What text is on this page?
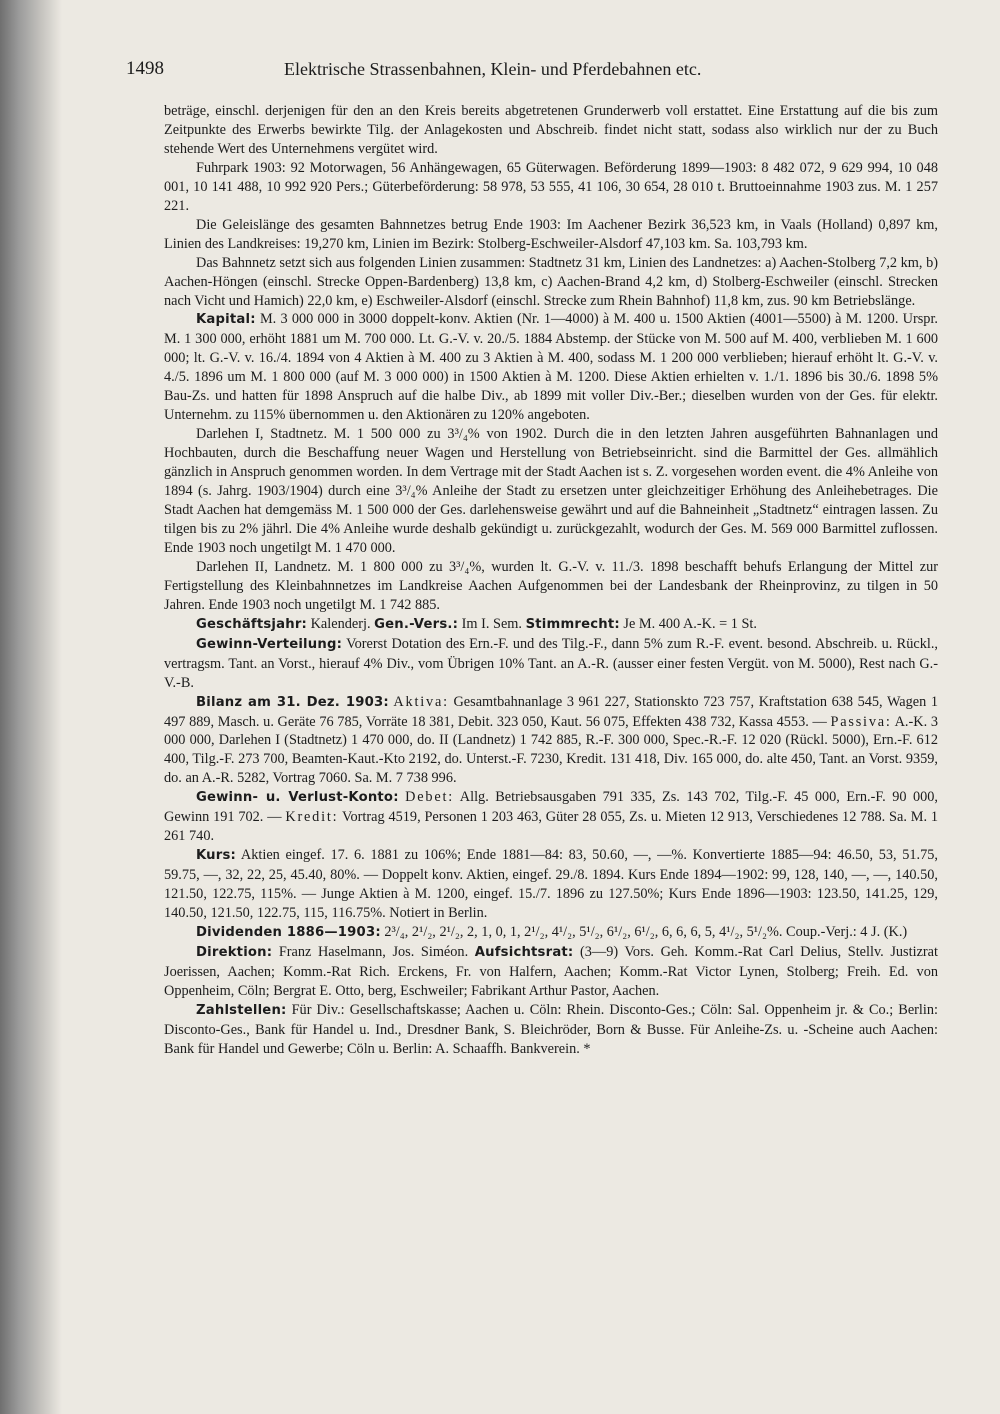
1498	Elektrische Strassenbahnen, Klein- und Pferdebahnen etc.

beträge, einschl. derjenigen für den an den Kreis bereits abgetretenen Grunderwerb voll erstattet. Eine Erstattung auf die bis zum Zeitpunkte des Erwerbs bewirkte Tilg. der Anlagekosten und Abschreib. findet nicht statt, sodass also wirklich nur der zu Buch stehende Wert des Unternehmens vergütet wird.

Fuhrpark 1903: 92 Motorwagen, 56 Anhängewagen, 65 Güterwagen. Beförderung 1899—1903: 8 482 072, 9 629 994, 10 048 001, 10 141 488, 10 992 920 Pers.; Güterbeförderung: 58 978, 53 555, 41 106, 30 654, 28 010 t. Bruttoeinnahme 1903 zus. M. 1 257 221.

Die Geleislänge des gesamten Bahnnetzes betrug Ende 1903: Im Aachener Bezirk 36,523 km, in Vaals (Holland) 0,897 km, Linien des Landkreises: 19,270 km, Linien im Bezirk: Stolberg-Eschweiler-Alsdorf 47,103 km. Sa. 103,793 km.

Das Bahnnetz setzt sich aus folgenden Linien zusammen: Stadtnetz 31 km, Linien des Landnetzes: a) Aachen-Stolberg 7,2 km, b) Aachen-Höngen (einschl. Strecke Oppen-Bardenberg) 13,8 km, c) Aachen-Brand 4,2 km, d) Stolberg-Eschweiler (einschl. Strecken nach Vicht und Hamich) 22,0 km, e) Eschweiler-Alsdorf (einschl. Strecke zum Rhein Bahnhof) 11,8 km, zus. 90 km Betriebslänge.

Kapital: M. 3 000 000 in 3000 doppelt-konv. Aktien (Nr. 1—4000) à M. 400 u. 1500 Aktien (4001—5500) à M. 1200. Urspr. M. 1 300 000, erhöht 1881 um M. 700 000. Lt. G.-V. v. 20./5. 1884 Abstemp. der Stücke von M. 500 auf M. 400, verblieben M. 1 600 000; lt. G.-V. v. 16./4. 1894 von 4 Aktien à M. 400 zu 3 Aktien à M. 400, sodass M. 1 200 000 verblieben; hierauf erhöht lt. G.-V. v. 4./5. 1896 um M. 1 800 000 (auf M. 3 000 000) in 1500 Aktien à M. 1200. Diese Aktien erhielten v. 1./1. 1896 bis 30./6. 1898 5% Bau-Zs. und hatten für 1898 Anspruch auf die halbe Div., ab 1899 mit voller Div.-Ber.; dieselben wurden von der Ges. für elektr. Unternehm. zu 115% übernommen u. den Aktionären zu 120% angeboten.

Darlehen I, Stadtnetz. M. 1 500 000 zu 3³/₄% von 1902. Durch die in den letzten Jahren ausgeführten Bahnanlagen und Hochbauten, durch die Beschaffung neuer Wagen und Herstellung von Betriebseinricht. sind die Barmittel der Ges. allmählich gänzlich in Anspruch genommen worden. In dem Vertrage mit der Stadt Aachen ist s. Z. vorgesehen worden event. die 4% Anleihe von 1894 (s. Jahrg. 1903/1904) durch eine 3³/₄% Anleihe der Stadt zu ersetzen unter gleichzeitiger Erhöhung des Anleihebetrages. Die Stadt Aachen hat demgemäss M. 1 500 000 der Ges. darlehensweise gewährt und auf die Bahneinheit „Stadtnetz“ eintragen lassen. Zu tilgen bis zu 2% jährl. Die 4% Anleihe wurde deshalb gekündigt u. zurückgezahlt, wodurch der Ges. M. 569 000 Barmittel zuflossen. Ende 1903 noch ungetilgt M. 1 470 000.

Darlehen II, Landnetz. M. 1 800 000 zu 3³/₄%, wurden lt. G.-V. v. 11./3. 1898 beschafft behufs Erlangung der Mittel zur Fertigstellung des Kleinbahnnetzes im Landkreise Aachen Aufgenommen bei der Landesbank der Rheinprovinz, zu tilgen in 50 Jahren. Ende 1903 noch ungetilgt M. 1 742 885.

Geschäftsjahr: Kalenderj. Gen.-Vers.: Im I. Sem. Stimmrecht: Je M. 400 A.-K. = 1 St.

Gewinn-Verteilung: Vorerst Dotation des Ern.-F. und des Tilg.-F., dann 5% zum R.-F. event. besond. Abschreib. u. Rückl., vertragsm. Tant. an Vorst., hierauf 4% Div., vom Übrigen 10% Tant. an A.-R. (ausser einer festen Vergüt. von M. 5000), Rest nach G.-V.-B.

Bilanz am 31. Dez. 1903: Aktiva: Gesamtbahnanlage 3 961 227, Stationskto 723 757, Kraftstation 638 545, Wagen 1 497 889, Masch. u. Geräte 76 785, Vorräte 18 381, Debit. 323 050, Kaut. 56 075, Effekten 438 732, Kassa 4553. — Passiva: A.-K. 3 000 000, Darlehen I (Stadtnetz) 1 470 000, do. II (Landnetz) 1 742 885, R.-F. 300 000, Spec.-R.-F. 12 020 (Rückl. 5000), Ern.-F. 612 400, Tilg.-F. 273 700, Beamten-Kaut.-Kto 2192, do. Unterst.-F. 7230, Kredit. 131 418, Div. 165 000, do. alte 450, Tant. an Vorst. 9359, do. an A.-R. 5282, Vortrag 7060. Sa. M. 7 738 996.

Gewinn- u. Verlust-Konto: Debet: Allg. Betriebsausgaben 791 335, Zs. 143 702, Tilg.-F. 45 000, Ern.-F. 90 000, Gewinn 191 702. — Kredit: Vortrag 4519, Personen 1 203 463, Güter 28 055, Zs. u. Mieten 12 913, Verschiedenes 12 788. Sa. M. 1 261 740.

Kurs: Aktien eingef. 17. 6. 1881 zu 106%; Ende 1881—84: 83, 50.60, —, —%. Konvertierte 1885—94: 46.50, 53, 51.75, 59.75, —, 32, 22, 25, 45.40, 80%. — Doppelt konv. Aktien, eingef. 29./8. 1894. Kurs Ende 1894—1902: 99, 128, 140, —, —, 140.50, 121.50, 122.75, 115%. — Junge Aktien à M. 1200, eingef. 15./7. 1896 zu 127.50%; Kurs Ende 1896—1903: 123.50, 141.25, 129, 140.50, 121.50, 122.75, 115, 116.75%. Notiert in Berlin.

Dividenden 1886—1903: 2³/₄, 2¹/₂, 2¹/₂, 2, 1, 0, 1, 2¹/₂, 4¹/₂, 5¹/₂, 6¹/₂, 6¹/₂, 6, 6, 6, 5, 4¹/₂, 5¹/₂%. Coup.-Verj.: 4 J. (K.)

Direktion: Franz Haselmann, Jos. Siméon. Aufsichtsrat: (3—9) Vors. Geh. Komm.-Rat Carl Delius, Stellv. Justizrat Joerissen, Aachen; Komm.-Rat Rich. Erckens, Fr. von Halfern, Aachen; Komm.-Rat Victor Lynen, Stolberg; Freih. Ed. von Oppenheim, Cöln; Bergrat E. Otto, berg, Eschweiler; Fabrikant Arthur Pastor, Aachen.

Zahlstellen: Für Div.: Gesellschaftskasse; Aachen u. Cöln: Rhein. Disconto-Ges.; Cöln: Sal. Oppenheim jr. & Co.; Berlin: Disconto-Ges., Bank für Handel u. Ind., Dresdner Bank, S. Bleichröder, Born & Busse. Für Anleihe-Zs. u. -Scheine auch Aachen: Bank für Handel und Gewerbe; Cöln u. Berlin: A. Schaaffh. Bankverein. *
